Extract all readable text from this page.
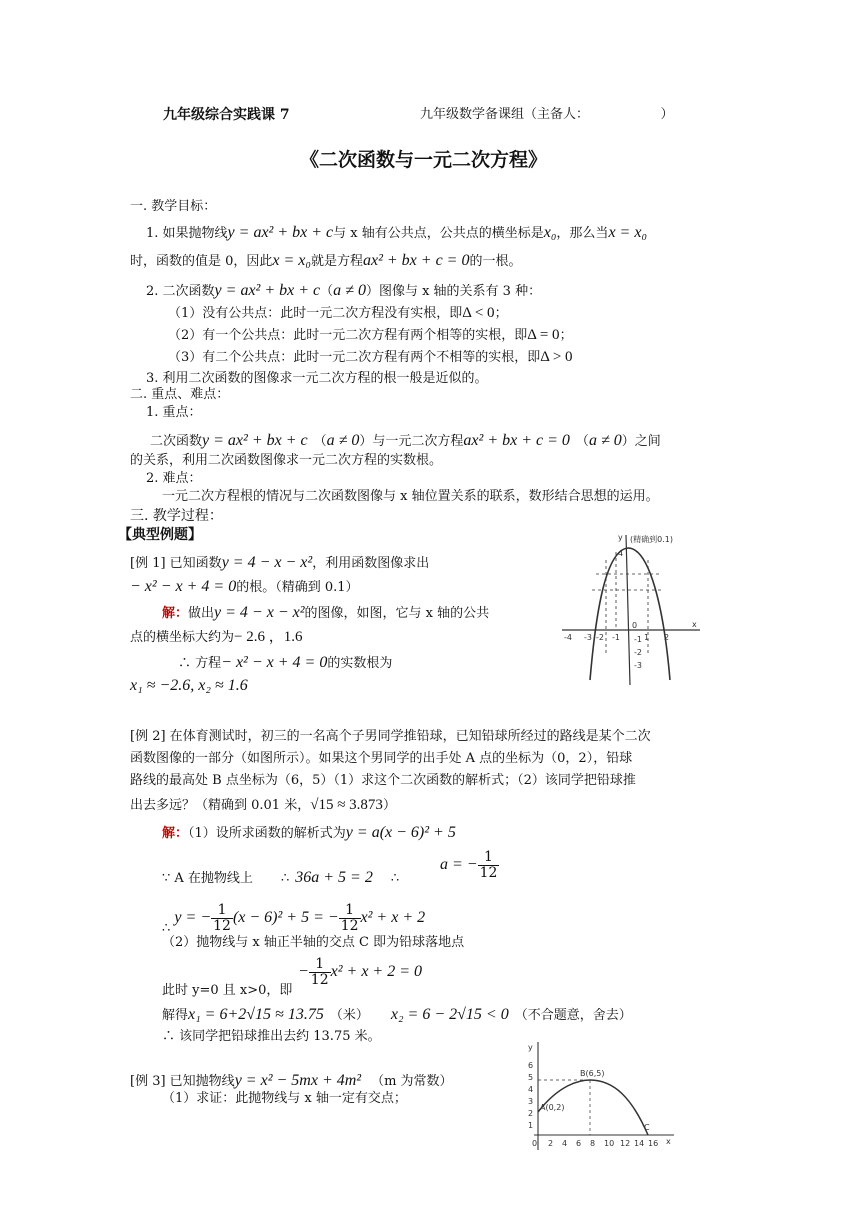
九年级综合实践课 7	九年级数学备课组（主备人：	）
《二次函数与一元二次方程》
一. 教学目标：
1. 如果抛物线y = ax² + bx + c与 x 轴有公共点，公共点的横坐标是x₀，那么当x = x₀
时，函数的值是 0，因此x = x₀就是方程ax² + bx + c = 0的一根。
2. 二次函数y = ax² + bx + c（a ≠ 0）图像与 x 轴的关系有 3 种：
（1）没有公共点：此时一元二次方程没有实根，即Δ < 0；
（2）有一个公共点：此时一元二次方程有两个相等的实根，即Δ = 0；
（3）有二个公共点：此时一元二次方程有两个不相等的实根，即Δ > 0
3. 利用二次函数的图像求一元二次方程的根一般是近似的。
二. 重点、难点：
1. 重点：
二次函数y = ax² + bx + c （a ≠ 0）与一元二次方程ax² + bx + c = 0 （a ≠ 0）之间
的关系，利用二次函数图像求一元二次方程的实数根。
2. 难点：
一元二次方程根的情况与二次函数图像与 x 轴位置关系的联系，数形结合思想的运用。
三. 教学过程：
【典型例题】
[例 1] 已知函数y = 4 − x − x²，利用函数图像求出
− x² − x + 4 = 0的根。（精确到 0.1）
解：做出y = 4 − x − x²的图像，如图，它与 x 轴的公共
点的横坐标大约为− 2.6 ，1.6
∴ 方程− x² − x + 4 = 0的实数根为
x₁ ≈ −2.6, x₂ ≈ 1.6
(精确到0.1)
-4 -3 -2 -1
0
1 2
x
4
-1
-2
-3
y
[例 2] 在体育测试时，初三的一名高个子男同学推铅球，已知铅球所经过的路线是某个二次
函数图像的一部分（如图所示）。如果这个男同学的出手处 A 点的坐标为（0，2），铅球
路线的最高处 B 点坐标为（6，5）（1）求这个二次函数的解析式；（2）该同学把铅球推
出去多远？（精确到 0.01 米，√15 ≈ 3.873）
解：（1）设所求函数的解析式为y = a(x − 6)² + 5
∵ A 在抛物线上 ∴ 36a + 5 = 2 ∴
a = − $\frac{1}{12}$
∴ y = − $\frac{1}{12} (x - 6)^2 + 5$ = − $\frac{1}{12} x^2 + x + 2$
（2）抛物线与 x 轴正半轴的交点 C 即为铅球落地点
− $\frac{1}{12} x^2 + x + 2 = 0$
此时 y=0 且 x>0，即
解得x₁ = 6+2√15 ≈ 13.75 （米） x₂ = 6 − 2√15 < 0 （不合题意，舍去）
∴ 该同学把铅球推出去约 13.75 米。
A(0,2)
B(6,5)
C
0 2 4 6 8 10 12 14 16 x
y
6
5
4
3
2
1
[例 3] 已知抛物线y = x² − 5mx + 4m² （m 为常数）
（1）求证：此抛物线与 x 轴一定有交点；
